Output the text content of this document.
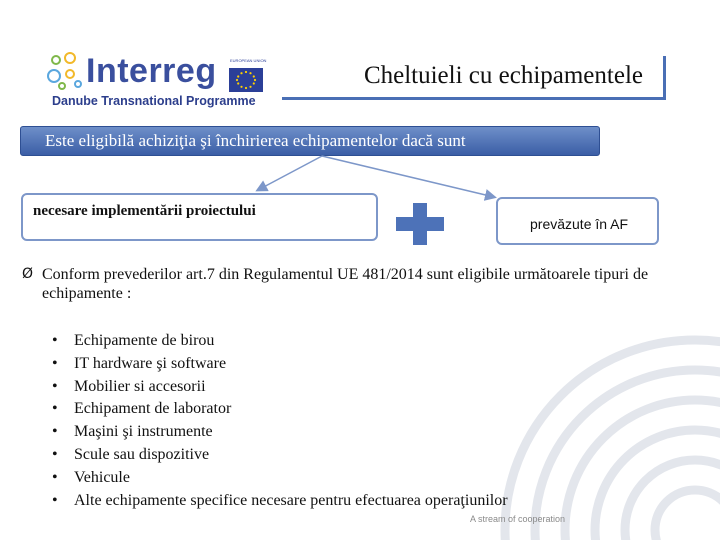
Interreg	EUROPEAN UNION
Danube Transnational Programme
Cheltuieli cu echipamentele
Este eligibilă achiziţia şi închirierea echipamentelor dacă sunt
necesare implementării proiectului
prevăzute în AF
Ø Conform prevederilor art.7 din Regulamentul UE 481/2014 sunt eligibile următoarele tipuri de echipamente :
• Echipamente de birou
• IT hardware şi software
• Mobilier si accesorii
• Echipament de laborator
• Maşini şi instrumente
• Scule sau dispozitive
• Vehicule
• Alte echipamente specifice necesare pentru efectuarea operaţiunilor
A stream of cooperation
